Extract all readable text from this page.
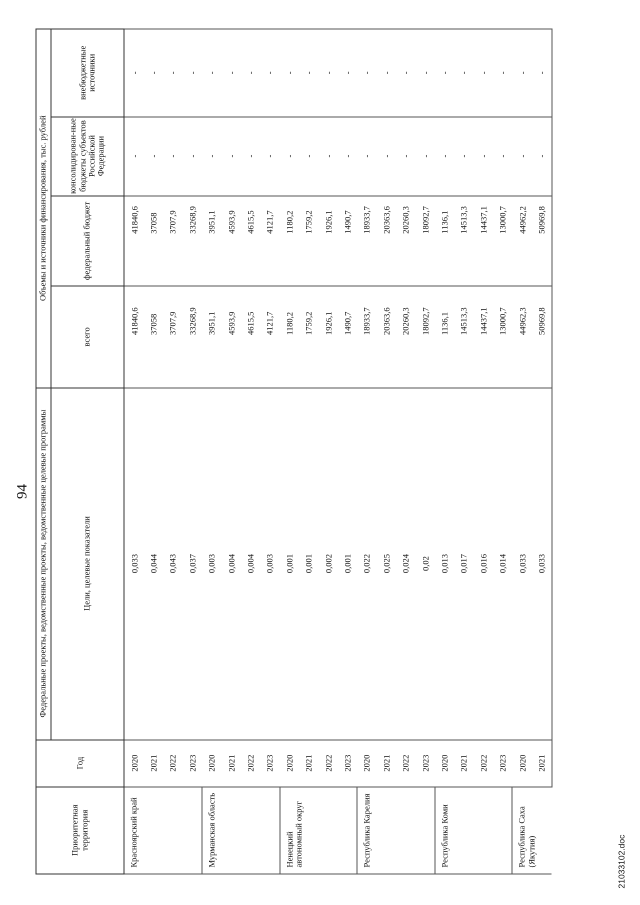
94
Приоритетная территория	Год	Федеральные проекты, ведомственные проекты, ведомственные целевые программы	Объемы и источники финансирования, тыс. рублей			
		Цели, целевые показатели	всего	федеральный бюджет	консолидирован-ные бюджеты субъектов Российской Федерации	внебюджетные источники
Красноярский край	2020	0,033	41840,6	41840,6	-	-
	2021	0,044	37058	37058	-	-
	2022	0,043	3707,9	3707,9	-	-
	2023	0,037	33268,9	33268,9	-	-
Мурманская область	2020	0,003	3951,1	3951,1	-	-
	2021	0,004	4593,9	4593,9	-	-
	2022	0,004	4615,5	4615,5	-	-
	2023	0,003	4121,7	4121,7	-	-
Ненецкий автономный округ	2020	0,001	1180,2	1180,2	-	-
	2021	0,001	1759,2	1759,2	-	-
	2022	0,002	1926,1	1926,1	-	-
	2023	0,001	1490,7	1490,7	-	-
Республика Карелия	2020	0,022	18933,7	18933,7	-	-
	2021	0,025	20363,6	20363,6	-	-
	2022	0,024	20260,3	20260,3	-	-
	2023	0,02	18092,7	18092,7	-	-
Республика Коми	2020	0,013	1136,1	1136,1	-	-
	2021	0,017	14513,3	14513,3	-	-
	2022	0,016	14437,1	14437,1	-	-
	2023	0,014	13000,7	13000,7	-	-
Республика Саха (Якутия)	2020	0,033	44962,3	44962,2	-	-
	2021	0,033	50969,8	50969,8	-	-
21033102.doc
